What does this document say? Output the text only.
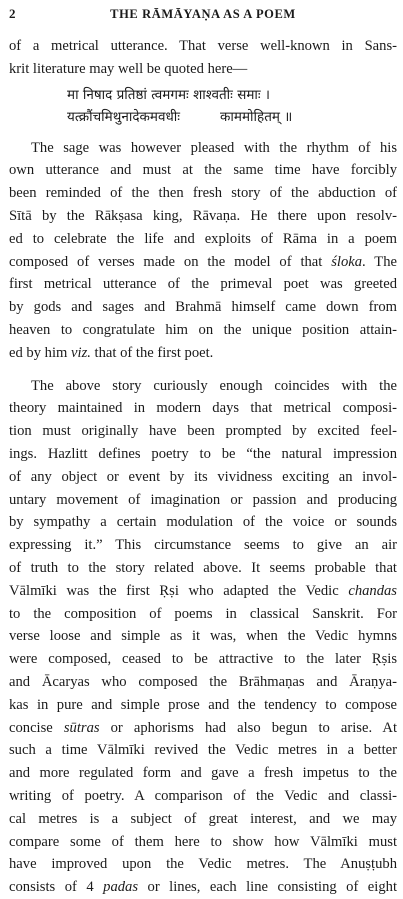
2	THE RĀMĀYAṆA AS A POEM

of a metrical utterance. That verse well-known in Sans-
krit literature may well be quoted here—

मा निषाद प्रतिष्ठां त्वमगमः शाश्वतीः समाः ।
यत्क्रौंचमिथुनादेकमवधीः	काममोहितम् ॥

The sage was however pleased with the rhythm of his
own utterance and must at the same time have forcibly
been reminded of the then fresh story of the abduction of
Sītā by the Rākṣasa king, Rāvaṇa. He there upon resolv-
ed to celebrate the life and exploits of Rāma in a poem
composed of verses made on the model of that śloka. The
first metrical utterance of the primeval poet was greeted
by gods and sages and Brahmā himself came down from
heaven to congratulate him on the unique position attain-
ed by him viz. that of the first poet.

The above story curiously enough coincides with the
theory maintained in modern days that metrical composi-
tion must originally have been prompted by excited feel-
ings. Hazlitt defines poetry to be “the natural impression
of any object or event by its vividness exciting an invol-
untary movement of imagination or passion and producing
by sympathy a certain modulation of the voice or sounds
expressing it.” This circumstance seems to give an air
of truth to the story related above. It seems probable that
Vālmīki was the first Ṛṣi who adapted the Vedic chandas
to the composition of poems in classical Sanskrit. For
verse loose and simple as it was, when the Vedic hymns
were composed, ceased to be attractive to the later Ṛṣis
and Ācaryas who composed the Brāhmaṇas and Āraṇya-
kas in pure and simple prose and the tendency to compose
concise sūtras or aphorisms had also begun to arise. At
such a time Vālmīki revived the Vedic metres in a better
and more regulated form and gave a fresh impetus to the
writing of poetry. A comparison of the Vedic and classi-
cal metres is a subject of great interest, and we may
compare some of them here to show how Vālmīki must
have improved upon the Vedic metres. The Anuṣṭubh
consists of 4 padas or lines, each line consisting of eight
